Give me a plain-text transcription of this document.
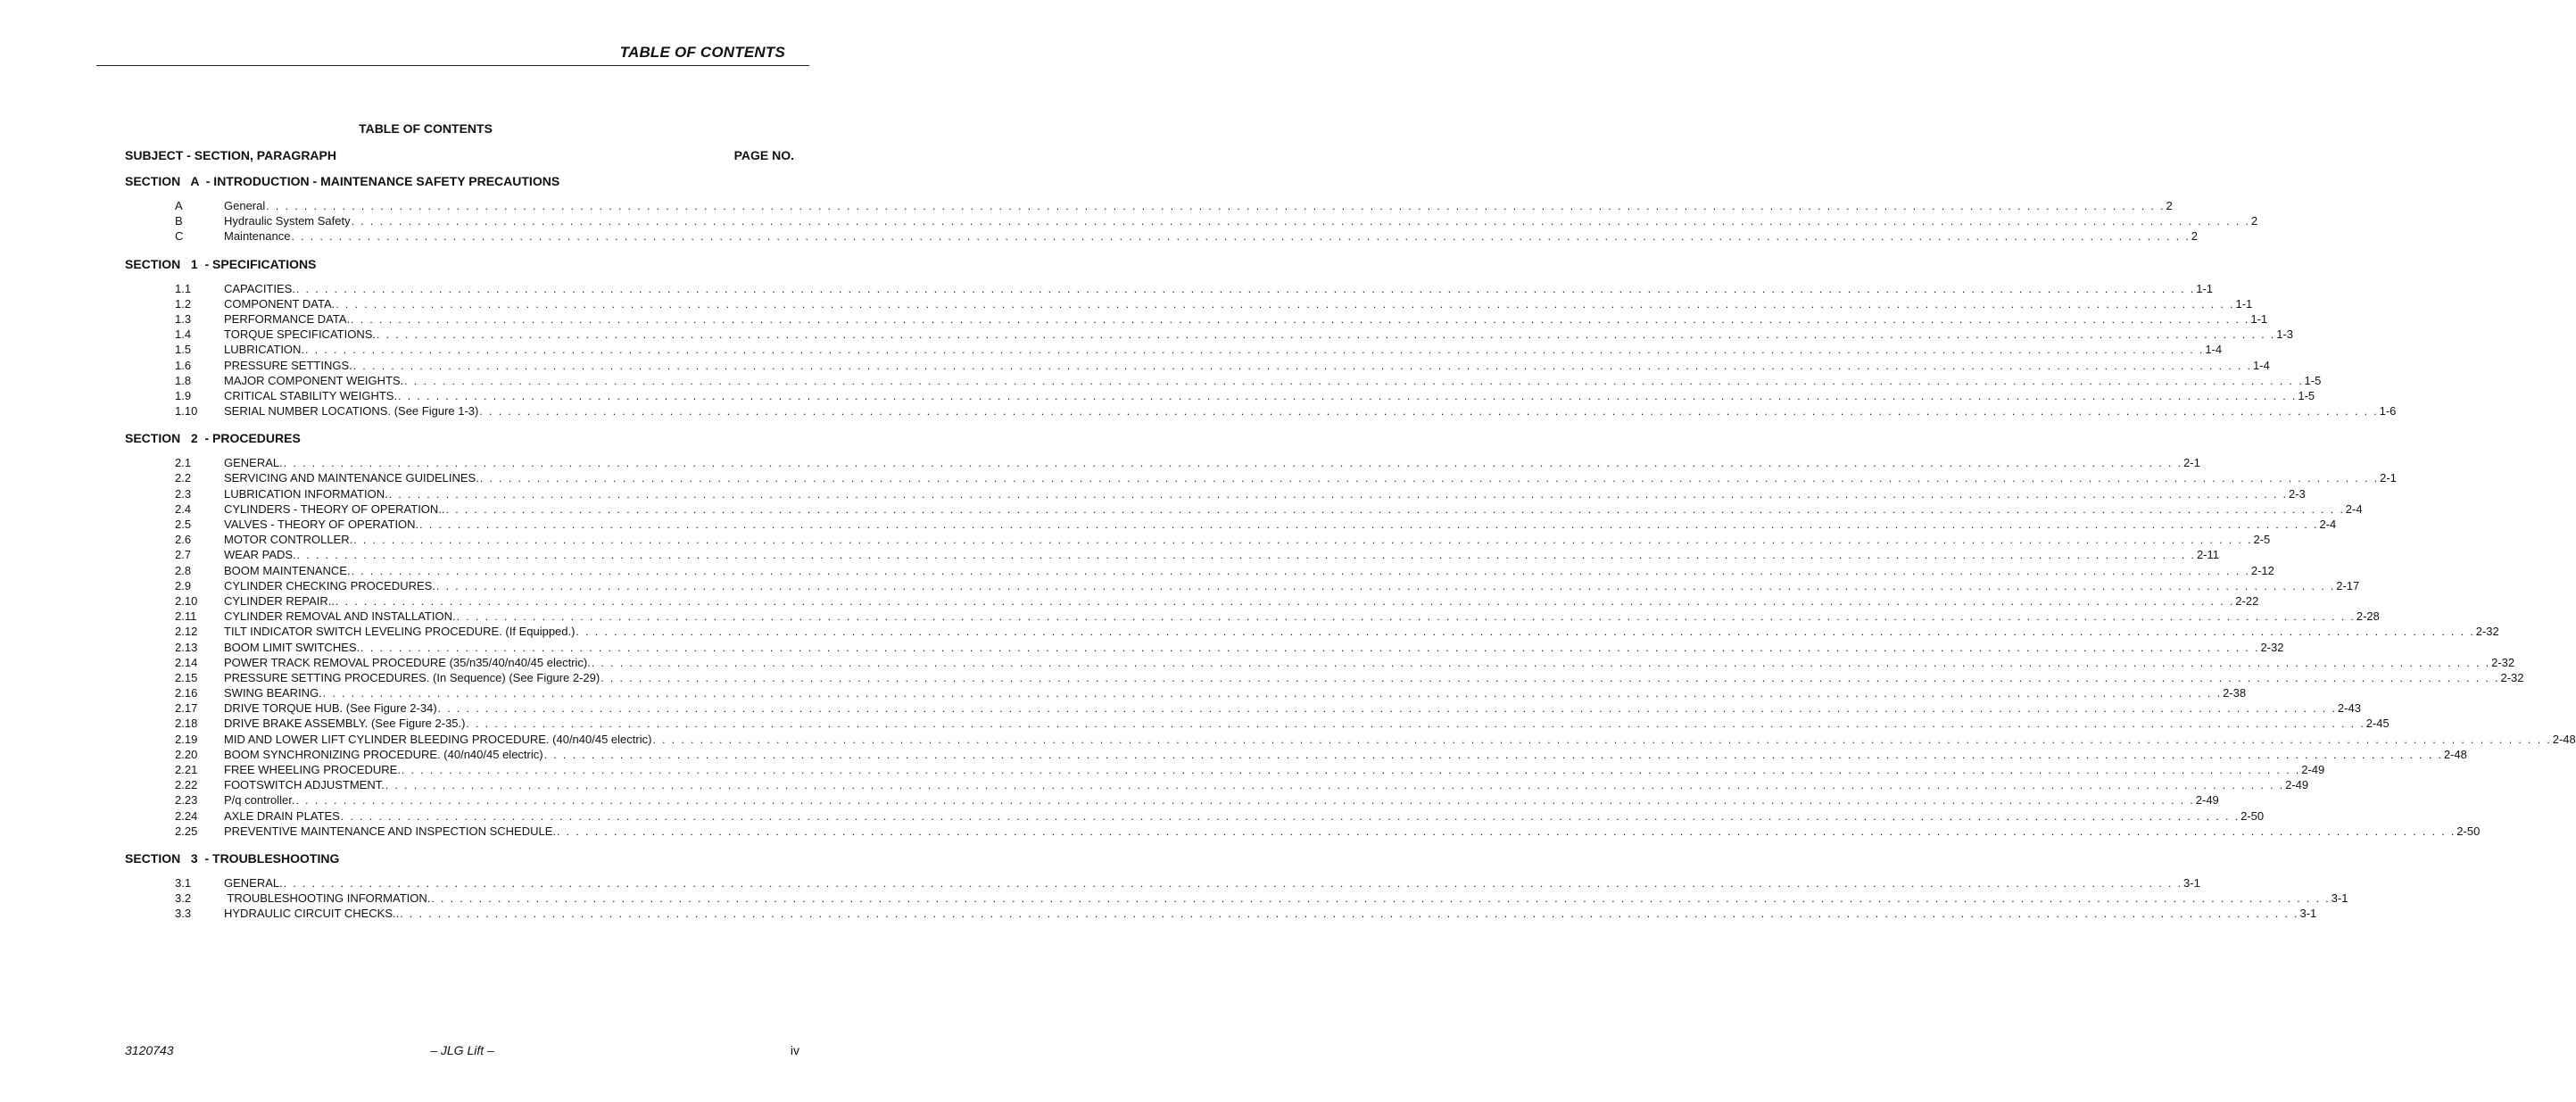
TABLE OF CONTENTS
TABLE OF CONTENTS
SUBJECT - SECTION, PARAGRAPH	PAGE NO.
SECTION   A  - INTRODUCTION - MAINTENANCE SAFETY PRECAUTIONS
A	General . . . . . . . . . . . . . . . . . . . . . . . . . . . . . . . . . . . . . . . . . . . . . . . . . . . . . . . . . . . . . . . . . . . . . . . . . . . . . . . . . . . . . . . . . . . . . . . . . . . . . . . . . . . . . . . . . . . . . . . . . . . . . . . . . . . . . . . . . . . . . . . . . . . . . . . . . . . . . . . . . . . . . . . . . . . . . . . . . . . . . . . . . . . . . . . . . . . . . . . . 2
B	Hydraulic System Safety . . . . . . . . . . . . . . . . . . . . . . . . . . . . . . . . . . . . . . . . . . . . . . . . . . . . . . . . . . . . . . . . . . . . . . . . . . . . . . . . . . . . . . . . . . . . . . . . . . . . . . . . . . . . . . . . . . . . . . . . . . . . . . . . . . . . . . . . . . . . . . . . . . . . . . . . . . . . . . . . . . . . . . . . . . . . . . . . . . . . . . . . . . . . . . . . . . . . . . . . 2
C	Maintenance . . . . . . . . . . . . . . . . . . . . . . . . . . . . . . . . . . . . . . . . . . . . . . . . . . . . . . . . . . . . . . . . . . . . . . . . . . . . . . . . . . . . . . . . . . . . . . . . . . . . . . . . . . . . . . . . . . . . . . . . . . . . . . . . . . . . . . . . . . . . . . . . . . . . . . . . . . . . . . . . . . . . . . . . . . . . . . . . . . . . . . . . . . . . . . . . . . . . . . . . 2
SECTION   1  - SPECIFICATIONS
1.1	CAPACITIES. . . . . . . . . . . . . . . . . . . . . . . . . . . . . . . . . . . . . . . . . . . . . . . . . . . . . . . . . . . . . . . . . . . . . . . . . . . . . . . . . . . . . . . . . . . . . . . . . . . . . . . . . . . . . . . . . . . . . . . . . . . . . . . . . . . . . . . . . . . . . . . . . . . . . . . . . . . . . . . . . . . . . . . . . . . . . . . . . . . . . . . . . . . . . . . . . . . . . . . . . 1-1
1.2	COMPONENT DATA. . . . . . . . . . . . . . . . . . . . . . . . . . . . . . . . . . . . . . . . . . . . . . . . . . . . . . . . . . . . . . . . . . . . . . . . . . . . . . . . . . . . . . . . . . . . . . . . . . . . . . . . . . . . . . . . . . . . . . . . . . . . . . . . . . . . . . . . . . . . . . . . . . . . . . . . . . . . . . . . . . . . . . . . . . . . . . . . . . . . . . . . . . . . . . . . . . . . . . . . . 1-1
1.3	PERFORMANCE DATA. . . . . . . . . . . . . . . . . . . . . . . . . . . . . . . . . . . . . . . . . . . . . . . . . . . . . . . . . . . . . . . . . . . . . . . . . . . . . . . . . . . . . . . . . . . . . . . . . . . . . . . . . . . . . . . . . . . . . . . . . . . . . . . . . . . . . . . . . . . . . . . . . . . . . . . . . . . . . . . . . . . . . . . . . . . . . . . . . . . . . . . . . . . . . . . . . . . . . . . . . 1-1
1.4	TORQUE SPECIFICATIONS. . . . . . . . . . . . . . . . . . . . . . . . . . . . . . . . . . . . . . . . . . . . . . . . . . . . . . . . . . . . . . . . . . . . . . . . . . . . . . . . . . . . . . . . . . . . . . . . . . . . . . . . . . . . . . . . . . . . . . . . . . . . . . . . . . . . . . . . . . . . . . . . . . . . . . . . . . . . . . . . . . . . . . . . . . . . . . . . . . . . . . . . . . . . . . . . . . . . . . . . . 1-3
1.5	LUBRICATION. . . . . . . . . . . . . . . . . . . . . . . . . . . . . . . . . . . . . . . . . . . . . . . . . . . . . . . . . . . . . . . . . . . . . . . . . . . . . . . . . . . . . . . . . . . . . . . . . . . . . . . . . . . . . . . . . . . . . . . . . . . . . . . . . . . . . . . . . . . . . . . . . . . . . . . . . . . . . . . . . . . . . . . . . . . . . . . . . . . . . . . . . . . . . . . . . . . . . . . . . 1-4
1.6	PRESSURE SETTINGS. . . . . . . . . . . . . . . . . . . . . . . . . . . . . . . . . . . . . . . . . . . . . . . . . . . . . . . . . . . . . . . . . . . . . . . . . . . . . . . . . . . . . . . . . . . . . . . . . . . . . . . . . . . . . . . . . . . . . . . . . . . . . . . . . . . . . . . . . . . . . . . . . . . . . . . . . . . . . . . . . . . . . . . . . . . . . . . . . . . . . . . . . . . . . . . . . . . . . . . . . 1-4
1.8	MAJOR COMPONENT WEIGHTS. . . . . . . . . . . . . . . . . . . . . . . . . . . . . . . . . . . . . . . . . . . . . . . . . . . . . . . . . . . . . . . . . . . . . . . . . . . . . . . . . . . . . . . . . . . . . . . . . . . . . . . . . . . . . . . . . . . . . . . . . . . . . . . . . . . . . . . . . . . . . . . . . . . . . . . . . . . . . . . . . . . . . . . . . . . . . . . . . . . . . . . . . . . . . . . . . . . . . . . . . 1-5
1.9	CRITICAL STABILITY WEIGHTS. . . . . . . . . . . . . . . . . . . . . . . . . . . . . . . . . . . . . . . . . . . . . . . . . . . . . . . . . . . . . . . . . . . . . . . . . . . . . . . . . . . . . . . . . . . . . . . . . . . . . . . . . . . . . . . . . . . . . . . . . . . . . . . . . . . . . . . . . . . . . . . . . . . . . . . . . . . . . . . . . . . . . . . . . . . . . . . . . . . . . . . . . . . . . . . . . . . . . . . . . 1-5
1.10	SERIAL NUMBER LOCATIONS. (See Figure 1-3) . . . . . . . . . . . . . . . . . . . . . . . . . . . . . . . . . . . . . . . . . . . . . . . . . . . . . . . . . . . . . . . . . . . . . . . . . . . . . . . . . . . . . . . . . . . . . . . . . . . . . . . . . . . . . . . . . . . . . . . . . . . . . . . . . . . . . . . . . . . . . . . . . . . . . . . . . . . . . . . . . . . . . . . . . . . . . . . . . . . . . . . . . . . . . . . . . . . . . . . . 1-6
SECTION   2  - PROCEDURES
2.1	GENERAL. . . . . . . . . . . . . . . . . . . . . . . . . . . . . . . . . . . . . . . . . . . . . . . . . . . . . . . . . . . . . . . . . . . . . . . . . . . . . . . . . . . . . . . . . . . . . . . . . . . . . . . . . . . . . . . . . . . . . . . . . . . . . . . . . . . . . . . . . . . . . . . . . . . . . . . . . . . . . . . . . . . . . . . . . . . . . . . . . . . . . . . . . . . . . . . . . . . . . . . . . 2-1
2.2	SERVICING AND MAINTENANCE GUIDELINES. . . . . . . . . . . . . . . . . . . . . . . . . . . . . . . . . . . . . . . . . . . . . . . . . . . . . . . . . . . . . . . . . . . . . . . . . . . . . . . . . . . . . . . . . . . . . . . . . . . . . . . . . . . . . . . . . . . . . . . . . . . . . . . . . . . . . . . . . . . . . . . . . . . . . . . . . . . . . . . . . . . . . . . . . . . . . . . . . . . . . . . . . . . . . . . . . . . . . . . . . 2-1
2.3	LUBRICATION INFORMATION. . . . . . . . . . . . . . . . . . . . . . . . . . . . . . . . . . . . . . . . . . . . . . . . . . . . . . . . . . . . . . . . . . . . . . . . . . . . . . . . . . . . . . . . . . . . . . . . . . . . . . . . . . . . . . . . . . . . . . . . . . . . . . . . . . . . . . . . . . . . . . . . . . . . . . . . . . . . . . . . . . . . . . . . . . . . . . . . . . . . . . . . . . . . . . . . . . . . . . . . . 2-3
2.4	CYLINDERS - THEORY OF OPERATION.. . . . . . . . . . . . . . . . . . . . . . . . . . . . . . . . . . . . . . . . . . . . . . . . . . . . . . . . . . . . . . . . . . . . . . . . . . . . . . . . . . . . . . . . . . . . . . . . . . . . . . . . . . . . . . . . . . . . . . . . . . . . . . . . . . . . . . . . . . . . . . . . . . . . . . . . . . . . . . . . . . . . . . . . . . . . . . . . . . . . . . . . . . . . . . . . . . . . . . . . . 2-4
2.5	VALVES - THEORY OF OPERATION. . . . . . . . . . . . . . . . . . . . . . . . . . . . . . . . . . . . . . . . . . . . . . . . . . . . . . . . . . . . . . . . . . . . . . . . . . . . . . . . . . . . . . . . . . . . . . . . . . . . . . . . . . . . . . . . . . . . . . . . . . . . . . . . . . . . . . . . . . . . . . . . . . . . . . . . . . . . . . . . . . . . . . . . . . . . . . . . . . . . . . . . . . . . . . . . . . . . . . . . . 2-4
2.6	MOTOR CONTROLLER. . . . . . . . . . . . . . . . . . . . . . . . . . . . . . . . . . . . . . . . . . . . . . . . . . . . . . . . . . . . . . . . . . . . . . . . . . . . . . . . . . . . . . . . . . . . . . . . . . . . . . . . . . . . . . . . . . . . . . . . . . . . . . . . . . . . . . . . . . . . . . . . . . . . . . . . . . . . . . . . . . . . . . . . . . . . . . . . . . . . . . . . . . . . . . . . . . . . . . . . . 2-5
2.7	WEAR PADS. . . . . . . . . . . . . . . . . . . . . . . . . . . . . . . . . . . . . . . . . . . . . . . . . . . . . . . . . . . . . . . . . . . . . . . . . . . . . . . . . . . . . . . . . . . . . . . . . . . . . . . . . . . . . . . . . . . . . . . . . . . . . . . . . . . . . . . . . . . . . . . . . . . . . . . . . . . . . . . . . . . . . . . . . . . . . . . . . . . . . . . . . . . . . . . . . . . . . . . . . 2-11
2.8	BOOM MAINTENANCE. . . . . . . . . . . . . . . . . . . . . . . . . . . . . . . . . . . . . . . . . . . . . . . . . . . . . . . . . . . . . . . . . . . . . . . . . . . . . . . . . . . . . . . . . . . . . . . . . . . . . . . . . . . . . . . . . . . . . . . . . . . . . . . . . . . . . . . . . . . . . . . . . . . . . . . . . . . . . . . . . . . . . . . . . . . . . . . . . . . . . . . . . . . . . . . . . . . . . . . . . 2-12
2.9	CYLINDER CHECKING PROCEDURES. . . . . . . . . . . . . . . . . . . . . . . . . . . . . . . . . . . . . . . . . . . . . . . . . . . . . . . . . . . . . . . . . . . . . . . . . . . . . . . . . . . . . . . . . . . . . . . . . . . . . . . . . . . . . . . . . . . . . . . . . . . . . . . . . . . . . . . . . . . . . . . . . . . . . . . . . . . . . . . . . . . . . . . . . . . . . . . . . . . . . . . . . . . . . . . . . . . . . . . . . 2-17
2.10	CYLINDER REPAIR.. . . . . . . . . . . . . . . . . . . . . . . . . . . . . . . . . . . . . . . . . . . . . . . . . . . . . . . . . . . . . . . . . . . . . . . . . . . . . . . . . . . . . . . . . . . . . . . . . . . . . . . . . . . . . . . . . . . . . . . . . . . . . . . . . . . . . . . . . . . . . . . . . . . . . . . . . . . . . . . . . . . . . . . . . . . . . . . . . . . . . . . . . . . . . . . . . . . . . . . . . 2-22
2.11	CYLINDER REMOVAL AND INSTALLATION. . . . . . . . . . . . . . . . . . . . . . . . . . . . . . . . . . . . . . . . . . . . . . . . . . . . . . . . . . . . . . . . . . . . . . . . . . . . . . . . . . . . . . . . . . . . . . . . . . . . . . . . . . . . . . . . . . . . . . . . . . . . . . . . . . . . . . . . . . . . . . . . . . . . . . . . . . . . . . . . . . . . . . . . . . . . . . . . . . . . . . . . . . . . . . . . . . . . . . . . . 2-28
2.12	TILT INDICATOR SWITCH LEVELING PROCEDURE. (If Equipped.) . . . . . . . . . . . . . . . . . . . . . . . . . . . . . . . . . . . . . . . . . . . . . . . . . . . . . . . . . . . . . . . . . . . . . . . . . . . . . . . . . . . . . . . . . . . . . . . . . . . . . . . . . . . . . . . . . . . . . . . . . . . . . . . . . . . . . . . . . . . . . . . . . . . . . . . . . . . . . . . . . . . . . . . . . . . . . . . . . . . . . . . . . . . . . . . . . . . . . . . . 2-32
2.13	BOOM LIMIT SWITCHES. . . . . . . . . . . . . . . . . . . . . . . . . . . . . . . . . . . . . . . . . . . . . . . . . . . . . . . . . . . . . . . . . . . . . . . . . . . . . . . . . . . . . . . . . . . . . . . . . . . . . . . . . . . . . . . . . . . . . . . . . . . . . . . . . . . . . . . . . . . . . . . . . . . . . . . . . . . . . . . . . . . . . . . . . . . . . . . . . . . . . . . . . . . . . . . . . . . . . . . . . 2-32
2.14	POWER TRACK REMOVAL PROCEDURE (35/n35/40/n40/45 electric). . . . . . . . . . . . . . . . . . . . . . . . . . . . . . . . . . . . . . . . . . . . . . . . . . . . . . . . . . . . . . . . . . . . . . . . . . . . . . . . . . . . . . . . . . . . . . . . . . . . . . . . . . . . . . . . . . . . . . . . . . . . . . . . . . . . . . . . . . . . . . . . . . . . . . . . . . . . . . . . . . . . . . . . . . . . . . . . . . . . . . . . . . . . . . . . . . . . . . . . . 2-32
2.15	PRESSURE SETTING PROCEDURES. (In Sequence) (See Figure 2-29) . . . . . . . . . . . . . . . . . . . . . . . . . . . . . . . . . . . . . . . . . . . . . . . . . . . . . . . . . . . . . . . . . . . . . . . . . . . . . . . . . . . . . . . . . . . . . . . . . . . . . . . . . . . . . . . . . . . . . . . . . . . . . . . . . . . . . . . . . . . . . . . . . . . . . . . . . . . . . . . . . . . . . . . . . . . . . . . . . . . . . . . . . . . . . . . . . . . . . . . . 2-32
2.16	SWING BEARING. . . . . . . . . . . . . . . . . . . . . . . . . . . . . . . . . . . . . . . . . . . . . . . . . . . . . . . . . . . . . . . . . . . . . . . . . . . . . . . . . . . . . . . . . . . . . . . . . . . . . . . . . . . . . . . . . . . . . . . . . . . . . . . . . . . . . . . . . . . . . . . . . . . . . . . . . . . . . . . . . . . . . . . . . . . . . . . . . . . . . . . . . . . . . . . . . . . . . . . . . 2-38
2.17	DRIVE TORQUE HUB. (See Figure 2-34) . . . . . . . . . . . . . . . . . . . . . . . . . . . . . . . . . . . . . . . . . . . . . . . . . . . . . . . . . . . . . . . . . . . . . . . . . . . . . . . . . . . . . . . . . . . . . . . . . . . . . . . . . . . . . . . . . . . . . . . . . . . . . . . . . . . . . . . . . . . . . . . . . . . . . . . . . . . . . . . . . . . . . . . . . . . . . . . . . . . . . . . . . . . . . . . . . . . . . . . . 2-43
2.18	DRIVE BRAKE ASSEMBLY. (See Figure 2-35.) . . . . . . . . . . . . . . . . . . . . . . . . . . . . . . . . . . . . . . . . . . . . . . . . . . . . . . . . . . . . . . . . . . . . . . . . . . . . . . . . . . . . . . . . . . . . . . . . . . . . . . . . . . . . . . . . . . . . . . . . . . . . . . . . . . . . . . . . . . . . . . . . . . . . . . . . . . . . . . . . . . . . . . . . . . . . . . . . . . . . . . . . . . . . . . . . . . . . . . . . 2-45
2.19	MID AND LOWER LIFT CYLINDER BLEEDING PROCEDURE. (40/n40/45 electric) . . . . . . . . . . . . . . . . . . . . . . . . . . . . . . . . . . . . . . . . . . . . . . . . . . . . . . . . . . . . . . . . . . . . . . . . . . . . . . . . . . . . . . . . . . . . . . . . . . . . . . . . . . . . . . . . . . . . . . . . . . . . . . . . . . . . . . . . . . . . . . . . . . . . . . . . . . . . . . . . . . . . . . . . . . . . . . . . . . . . . . . . . . . . . . . . . . . . . . . . 2-48
2.20	BOOM SYNCHRONIZING PROCEDURE. (40/n40/45 electric) . . . . . . . . . . . . . . . . . . . . . . . . . . . . . . . . . . . . . . . . . . . . . . . . . . . . . . . . . . . . . . . . . . . . . . . . . . . . . . . . . . . . . . . . . . . . . . . . . . . . . . . . . . . . . . . . . . . . . . . . . . . . . . . . . . . . . . . . . . . . . . . . . . . . . . . . . . . . . . . . . . . . . . . . . . . . . . . . . . . . . . . . . . . . . . . . . . . . . . . . 2-48
2.21	FREE WHEELING PROCEDURE. . . . . . . . . . . . . . . . . . . . . . . . . . . . . . . . . . . . . . . . . . . . . . . . . . . . . . . . . . . . . . . . . . . . . . . . . . . . . . . . . . . . . . . . . . . . . . . . . . . . . . . . . . . . . . . . . . . . . . . . . . . . . . . . . . . . . . . . . . . . . . . . . . . . . . . . . . . . . . . . . . . . . . . . . . . . . . . . . . . . . . . . . . . . . . . . . . . . . . . . . 2-49
2.22	FOOTSWITCH ADJUSTMENT. . . . . . . . . . . . . . . . . . . . . . . . . . . . . . . . . . . . . . . . . . . . . . . . . . . . . . . . . . . . . . . . . . . . . . . . . . . . . . . . . . . . . . . . . . . . . . . . . . . . . . . . . . . . . . . . . . . . . . . . . . . . . . . . . . . . . . . . . . . . . . . . . . . . . . . . . . . . . . . . . . . . . . . . . . . . . . . . . . . . . . . . . . . . . . . . . . . . . . . . . 2-49
2.23	P/q controller. . . . . . . . . . . . . . . . . . . . . . . . . . . . . . . . . . . . . . . . . . . . . . . . . . . . . . . . . . . . . . . . . . . . . . . . . . . . . . . . . . . . . . . . . . . . . . . . . . . . . . . . . . . . . . . . . . . . . . . . . . . . . . . . . . . . . . . . . . . . . . . . . . . . . . . . . . . . . . . . . . . . . . . . . . . . . . . . . . . . . . . . . . . . . . . . . . . . . . . . . 2-49
2.24	AXLE DRAIN PLATES . . . . . . . . . . . . . . . . . . . . . . . . . . . . . . . . . . . . . . . . . . . . . . . . . . . . . . . . . . . . . . . . . . . . . . . . . . . . . . . . . . . . . . . . . . . . . . . . . . . . . . . . . . . . . . . . . . . . . . . . . . . . . . . . . . . . . . . . . . . . . . . . . . . . . . . . . . . . . . . . . . . . . . . . . . . . . . . . . . . . . . . . . . . . . . . . . . . . . . . . 2-50
2.25	PREVENTIVE MAINTENANCE AND INSPECTION SCHEDULE. . . . . . . . . . . . . . . . . . . . . . . . . . . . . . . . . . . . . . . . . . . . . . . . . . . . . . . . . . . . . . . . . . . . . . . . . . . . . . . . . . . . . . . . . . . . . . . . . . . . . . . . . . . . . . . . . . . . . . . . . . . . . . . . . . . . . . . . . . . . . . . . . . . . . . . . . . . . . . . . . . . . . . . . . . . . . . . . . . . . . . . . . . . . . . . . . . . . . . . . . 2-50
SECTION   3  - TROUBLESHOOTING
3.1	GENERAL. . . . . . . . . . . . . . . . . . . . . . . . . . . . . . . . . . . . . . . . . . . . . . . . . . . . . . . . . . . . . . . . . . . . . . . . . . . . . . . . . . . . . . . . . . . . . . . . . . . . . . . . . . . . . . . . . . . . . . . . . . . . . . . . . . . . . . . . . . . . . . . . . . . . . . . . . . . . . . . . . . . . . . . . . . . . . . . . . . . . . . . . . . . . . . . . . . . . . . . . . 3-1
3.2	TROUBLESHOOTING INFORMATION. . . . . . . . . . . . . . . . . . . . . . . . . . . . . . . . . . . . . . . . . . . . . . . . . . . . . . . . . . . . . . . . . . . . . . . . . . . . . . . . . . . . . . . . . . . . . . . . . . . . . . . . . . . . . . . . . . . . . . . . . . . . . . . . . . . . . . . . . . . . . . . . . . . . . . . . . . . . . . . . . . . . . . . . . . . . . . . . . . . . . . . . . . . . . . . . . . . . . . . . . 3-1
3.3	HYDRAULIC CIRCUIT CHECKS.. . . . . . . . . . . . . . . . . . . . . . . . . . . . . . . . . . . . . . . . . . . . . . . . . . . . . . . . . . . . . . . . . . . . . . . . . . . . . . . . . . . . . . . . . . . . . . . . . . . . . . . . . . . . . . . . . . . . . . . . . . . . . . . . . . . . . . . . . . . . . . . . . . . . . . . . . . . . . . . . . . . . . . . . . . . . . . . . . . . . . . . . . . . . . . . . . . . . . . . . . 3-1
3120743	– JLG Lift –	iv
